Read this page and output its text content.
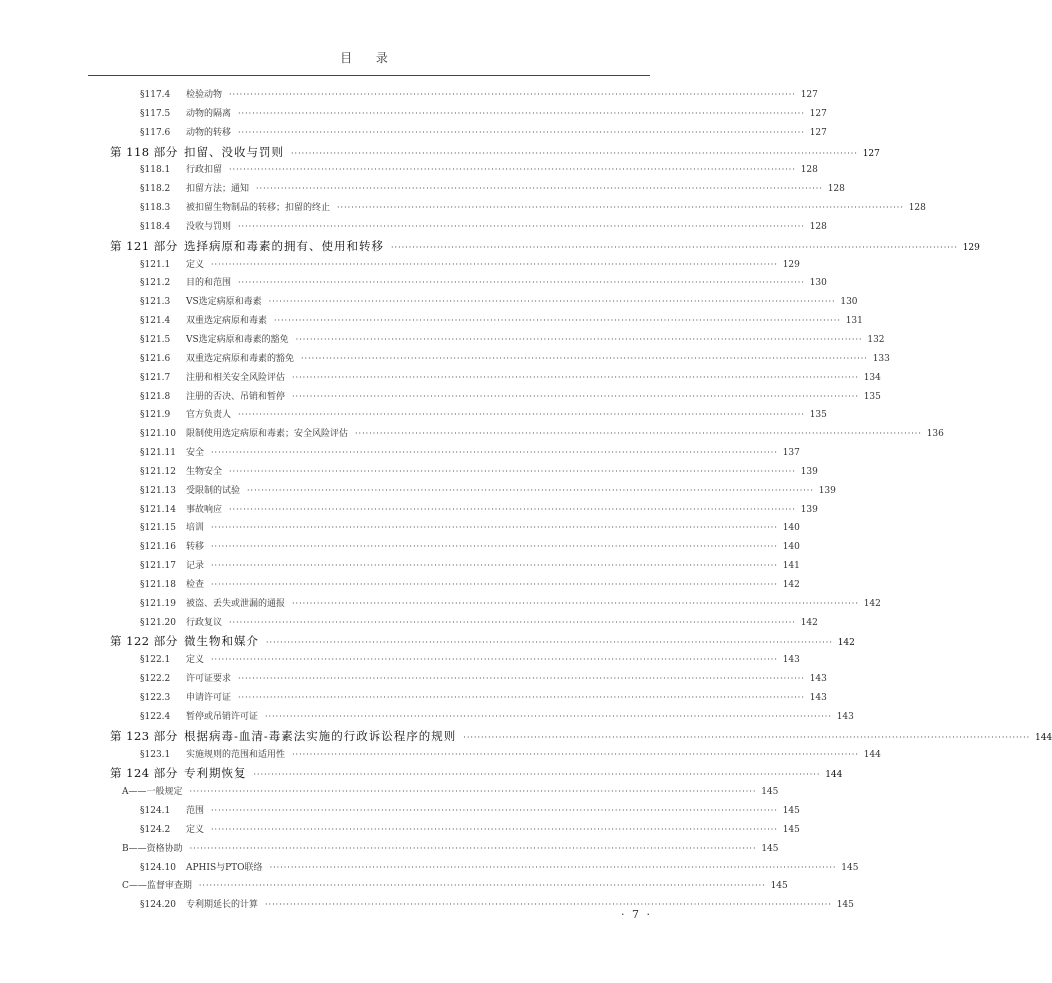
目 录
§117.4	检验动物 ································································································································································ 127
§117.5	动物的隔离 ································································································································································ 127
§117.6	动物的转移 ································································································································································ 127
第 118 部分 扣留、没收与罚则 ································································································································································ 127
§118.1	行政扣留 ································································································································································ 128
§118.2	扣留方法；通知 ································································································································································ 128
§118.3	被扣留生物制品的转移；扣留的终止 ································································································································································ 128
§118.4	没收与罚则 ································································································································································ 128
第 121 部分 选择病原和毒素的拥有、使用和转移 ································································································································································ 129
§121.1	定义 ································································································································································ 129
§121.2	目的和范围 ································································································································································ 130
§121.3	VS选定病原和毒素 ································································································································································ 130
§121.4	双重选定病原和毒素 ································································································································································ 131
§121.5	VS选定病原和毒素的豁免 ································································································································································ 132
§121.6	双重选定病原和毒素的豁免 ································································································································································ 133
§121.7	注册和相关安全风险评估 ································································································································································ 134
§121.8	注册的否决、吊销和暂停 ································································································································································ 135
§121.9	官方负责人 ································································································································································ 135
§121.10	限制使用选定病原和毒素；安全风险评估 ································································································································································ 136
§121.11	安全 ································································································································································ 137
§121.12	生物安全 ································································································································································ 139
§121.13	受限制的试验 ································································································································································ 139
§121.14	事故响应 ································································································································································ 139
§121.15	培训 ································································································································································ 140
§121.16	转移 ································································································································································ 140
§121.17	记录 ································································································································································ 141
§121.18	检查 ································································································································································ 142
§121.19	被盗、丢失或泄漏的通报 ································································································································································ 142
§121.20	行政复议 ································································································································································ 142
第 122 部分 微生物和媒介 ································································································································································ 142
§122.1	定义 ································································································································································ 143
§122.2	许可证要求 ································································································································································ 143
§122.3	申请许可证 ································································································································································ 143
§122.4	暂停或吊销许可证 ································································································································································ 143
第 123 部分 根据病毒-血清-毒素法实施的行政诉讼程序的规则 ································································································································································ 144
§123.1	实施规则的范围和适用性 ································································································································································ 144
第 124 部分 专利期恢复 ································································································································································ 144
A——一般规定 ································································································································································ 145
§124.1	范围 ································································································································································ 145
§124.2	定义 ································································································································································ 145
B——资格协助 ································································································································································ 145
§124.10	APHIS与PTO联络 ································································································································································ 145
C——监督审查期 ································································································································································ 145
§124.20	专利期延长的计算 ································································································································································ 145
· 7 ·
